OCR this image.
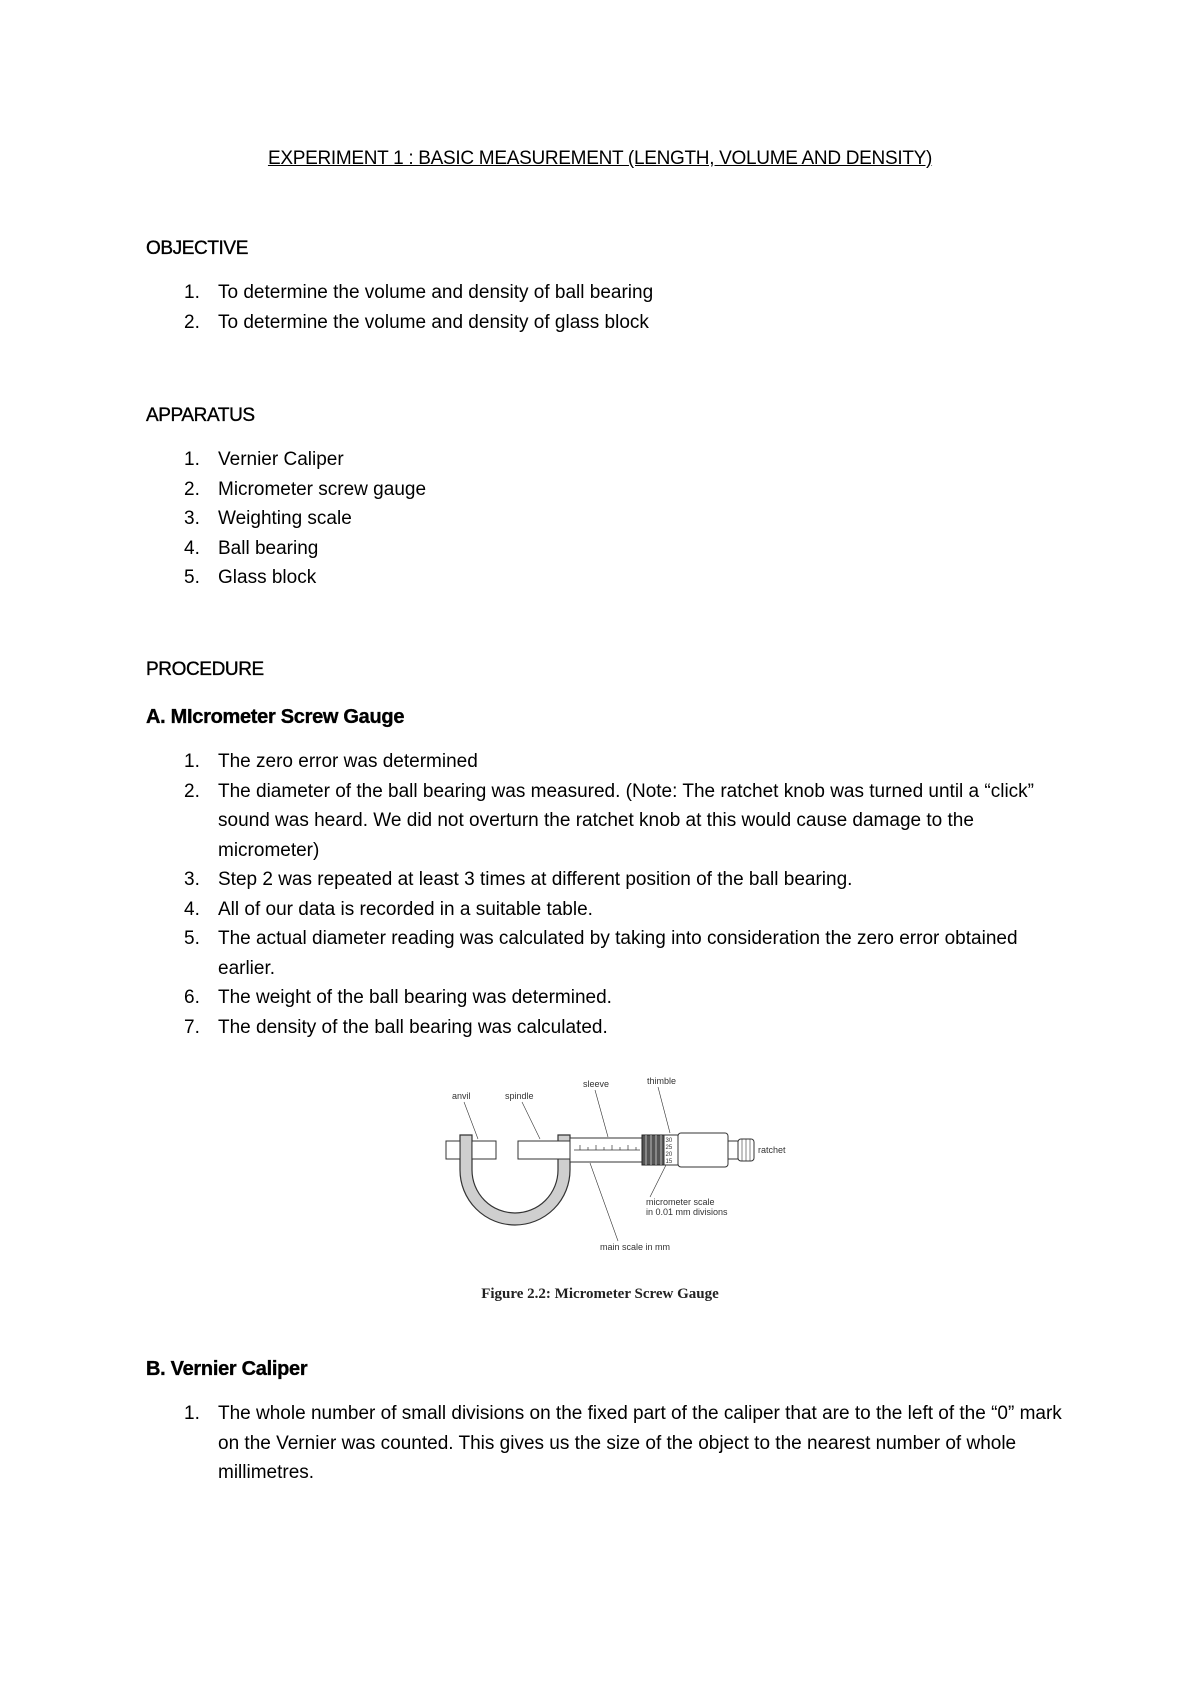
EXPERIMENT 1 : BASIC MEASUREMENT (LENGTH, VOLUME AND DENSITY)
OBJECTIVE
1. To determine the volume and density of ball bearing
2. To determine the volume and density of glass block
APPARATUS
1. Vernier Caliper
2. Micrometer screw gauge
3. Weighting scale
4. Ball bearing
5. Glass block
PROCEDURE
A. MIcrometer Screw Gauge
1. The zero error was determined
2. The diameter of the ball bearing was measured. (Note: The ratchet knob was turned until a “click” sound was heard. We did not overturn the ratchet knob at this would cause damage to the micrometer)
3. Step 2 was repeated at least 3 times at different position of the ball bearing.
4. All of our data is recorded in a suitable table.
5. The actual diameter reading was calculated by taking into consideration the zero error obtained earlier.
6. The weight of the ball bearing was determined.
7. The density of the ball bearing was calculated.
30
25
20
15
anvil	spindle
sleeve	thimble
ratchet
micrometer scale
in 0.01 mm divisions
main scale in mm
Figure 2.2: Micrometer Screw Gauge
B. Vernier Caliper
1. The whole number of small divisions on the fixed part of the caliper that are to the left of the “0” mark on the Vernier was counted. This gives us the size of the object to the nearest number of whole millimetres.
